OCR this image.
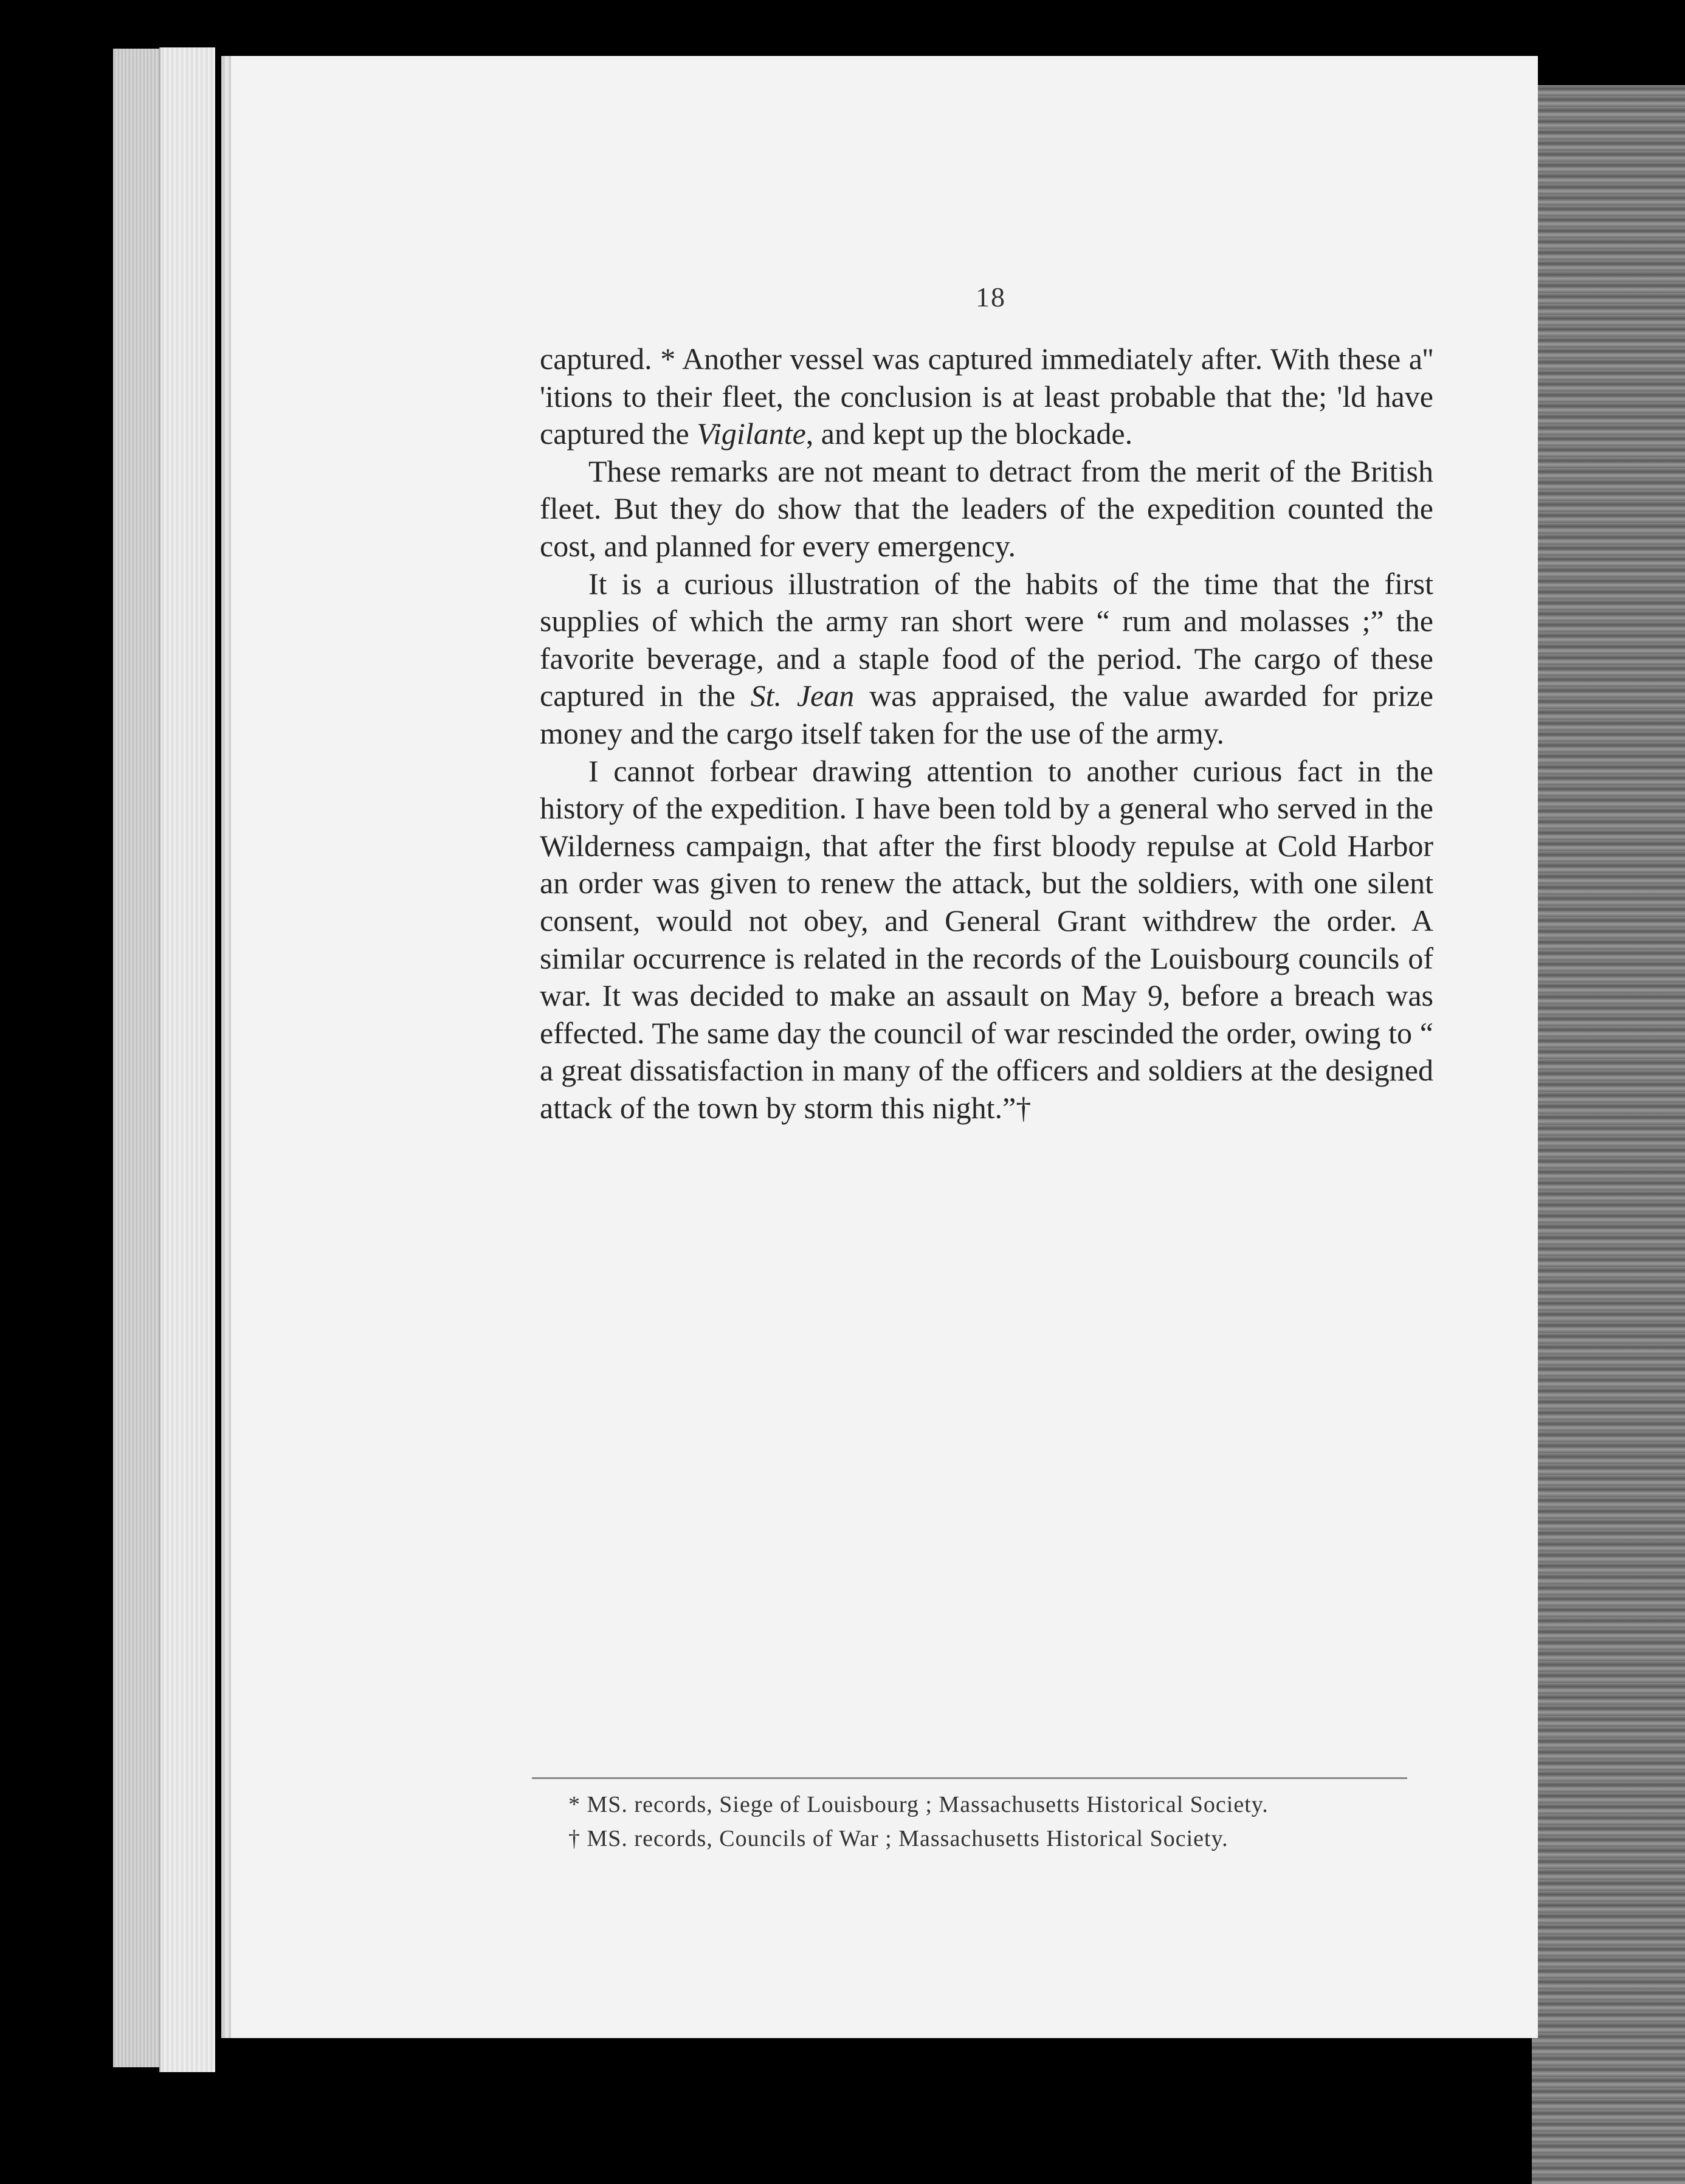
18

captured. * Another vessel was captured immediately after. With these a'' 'itions to their fleet, the conclusion is at least probable that the; 'ld have captured the Vigilante, and kept up the blockade.

These remarks are not meant to detract from the merit of the British fleet. But they do show that the leaders of the expedition counted the cost, and planned for every emergency.

It is a curious illustration of the habits of the time that the first supplies of which the army ran short were “ rum and molasses ;” the favorite beverage, and a staple food of the period. The cargo of these captured in the St. Jean was appraised, the value awarded for prize money and the cargo itself taken for the use of the army.

I cannot forbear drawing attention to another curious fact in the history of the expedition. I have been told by a general who served in the Wilderness campaign, that after the first bloody repulse at Cold Harbor an order was given to renew the attack, but the soldiers, with one silent consent, would not obey, and General Grant withdrew the order. A similar occurrence is related in the records of the Louisbourg councils of war. It was decided to make an assault on May 9, before a breach was effected. The same day the council of war rescinded the order, owing to “ a great dissatisfaction in many of the officers and soldiers at the designed attack of the town by storm this night.”†

* MS. records, Siege of Louisbourg ; Massachusetts Historical Society.

† MS. records, Councils of War ; Massachusetts Historical Society.
